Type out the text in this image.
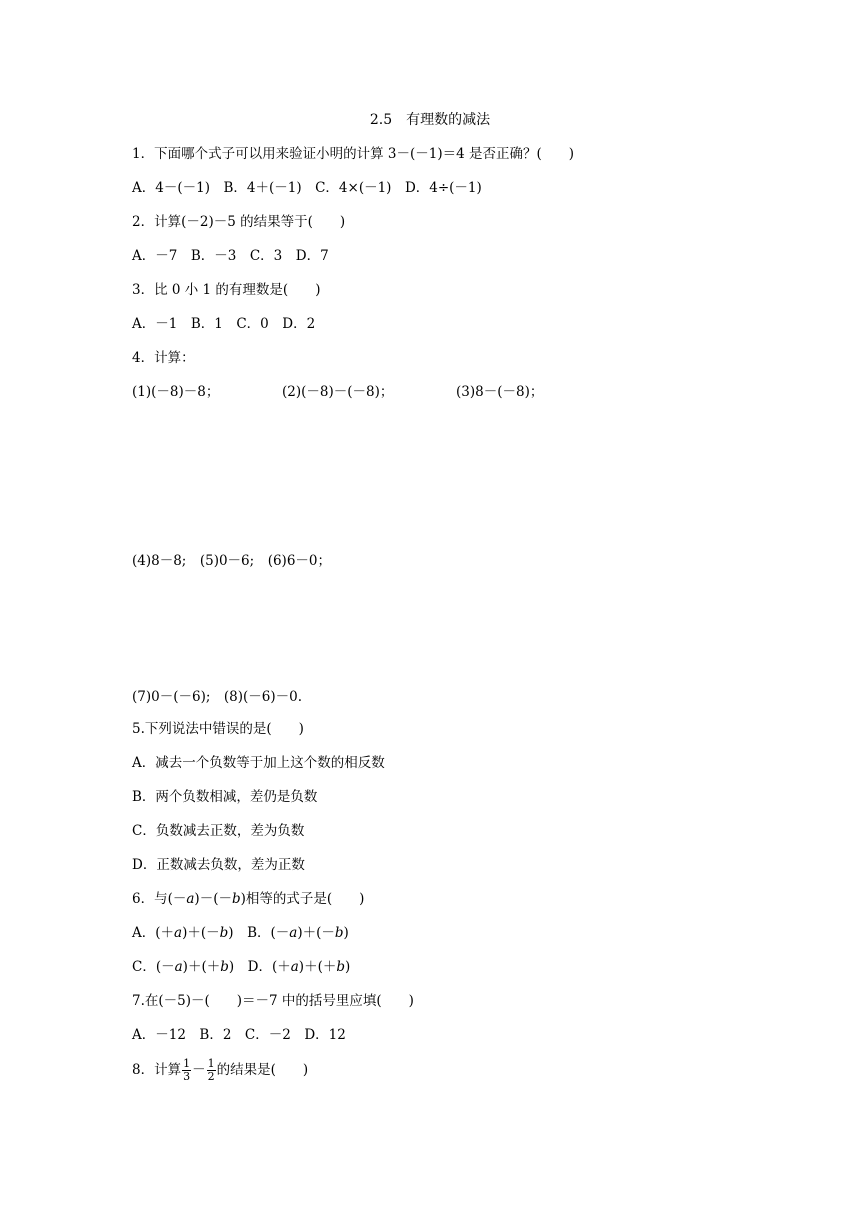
2.5　有理数的减法
1．下面哪个式子可以用来验证小明的计算 3－(－1)＝4 是否正确？(　　)
A．4－(－1)　B．4＋(－1)　C．4×(－1)　D．4÷(－1)
2．计算(－2)－5 的结果等于(　　)
A．－7　B．－3　C．3　D．7
3．比 0 小 1 的有理数是(　　)
A．－1　B．1　C．0　D．2
4．计算：
(1)(－8)－8；	(2)(－8)－(－8)；	(3)8－(－8)；
(4)8－8;　(5)0－6;　(6)6－0；
(7)0－(－6);　(8)(－6)－0.
5.下列说法中错误的是(　　)
A．减去一个负数等于加上这个数的相反数
B．两个负数相减，差仍是负数
C．负数减去正数，差为负数
D．正数减去负数，差为正数
6．与(－a)－(－b)相等的式子是(　　)
A．(＋a)＋(－b)　B．(－a)＋(－b)
C．(－a)＋(＋b)　D．(＋a)＋(＋b)
7.在(－5)－(　　)＝－7 中的括号里应填(　　)
A．－12　B．2　C．－2　D．12
8．计算 $\frac{1}{3} - \frac{1}{2}$ 的结果是(　　)
